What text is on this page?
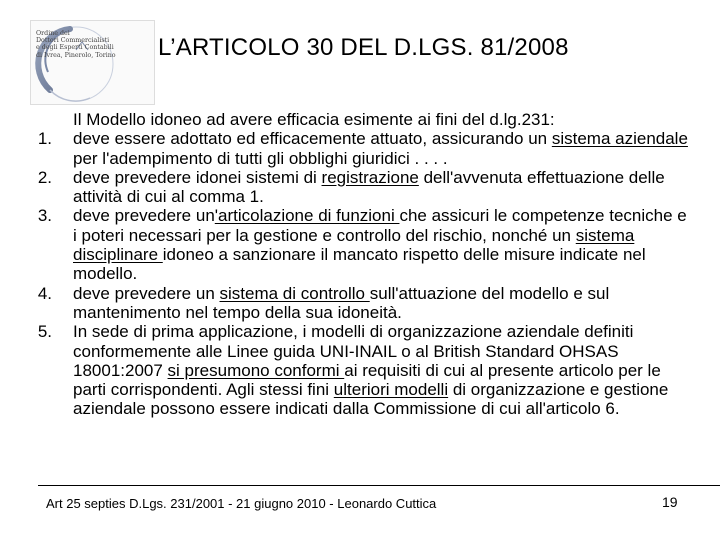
Ordine dei
Dottori Commercialisti
e degli Esperti Contabili
di Ivrea, Pinerolo, Torino L’ARTICOLO 30 DEL D.LGS. 81/2008

Il Modello idoneo ad avere efficacia esimente ai fini del d.lg.231:

1. deve essere adottato ed efficacemente attuato, assicurando un sistema aziendale per l'adempimento di tutti gli obblighi giuridici . . . .
2. deve prevedere idonei sistemi di registrazione dell'avvenuta effettuazione delle attività di cui al comma 1.
3. deve prevedere un'articolazione di funzioni che assicuri le competenze tecniche e i poteri necessari per la gestione e controllo del rischio, nonché un sistema disciplinare idoneo a sanzionare il mancato rispetto delle misure indicate nel modello.
4. deve prevedere un sistema di controllo sull'attuazione del modello e sul mantenimento nel tempo della sua idoneità.
5. In sede di prima applicazione, i modelli di organizzazione aziendale definiti conformemente alle Linee guida UNI-INAIL o al British Standard OHSAS 18001:2007 si presumono conformi ai requisiti di cui al presente articolo per le parti corrispondenti. Agli stessi fini ulteriori modelli di organizzazione e gestione aziendale possono essere indicati dalla Commissione di cui all'articolo 6.
Art 25 septies D.Lgs. 231/2001 - 21 giugno 2010 - Leonardo Cuttica	19
